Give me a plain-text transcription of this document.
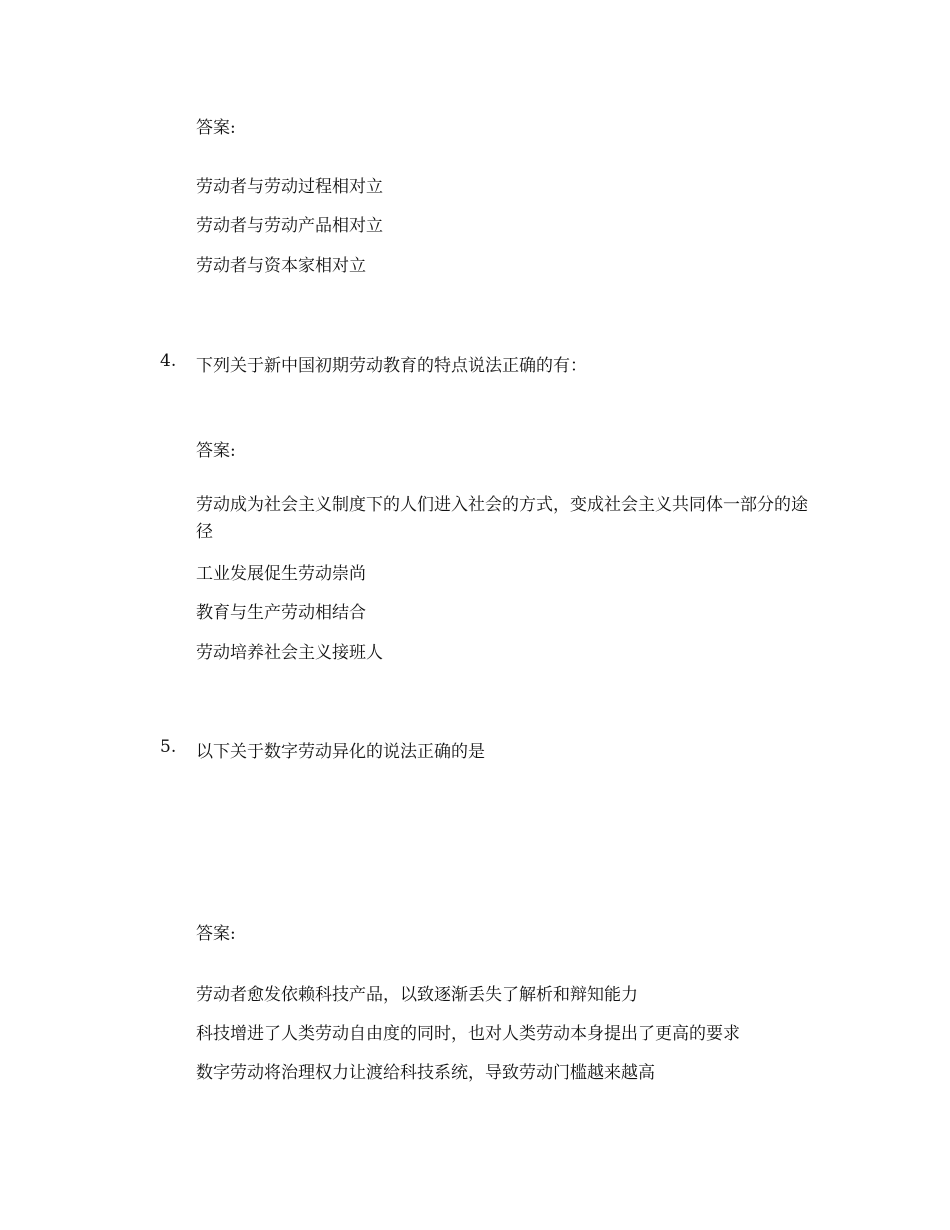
答案:
劳动者与劳动过程相对立
劳动者与劳动产品相对立
劳动者与资本家相对立
4. 下列关于新中国初期劳动教育的特点说法正确的有：
答案:
劳动成为社会主义制度下的人们进入社会的方式，变成社会主义共同体一部分的途径
工业发展促生劳动崇尚
教育与生产劳动相结合
劳动培养社会主义接班人
5. 以下关于数字劳动异化的说法正确的是
答案:
劳动者愈发依赖科技产品，以致逐渐丢失了解析和辩知能力
科技增进了人类劳动自由度的同时，也对人类劳动本身提出了更高的要求
数字劳动将治理权力让渡给科技系统，导致劳动门槛越来越高
